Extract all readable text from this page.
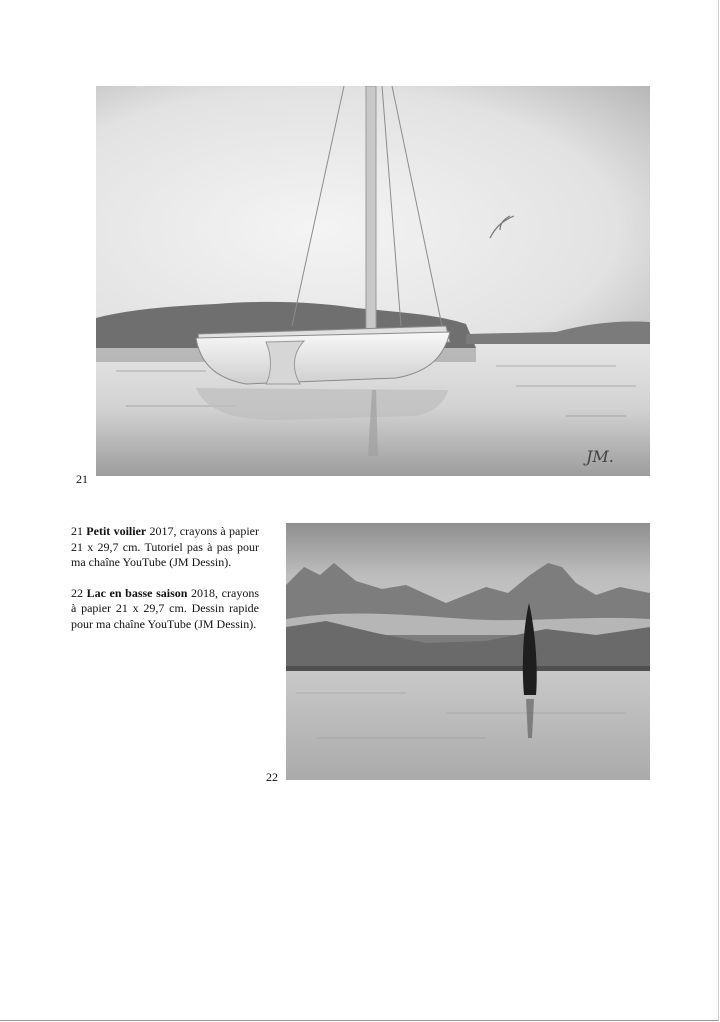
JM.
21

21 Petit voilier 2017, crayons à papier 21 x 29,7 cm. Tutoriel pas à pas pour ma chaîne YouTube (JM Dessin).

22 Lac en basse saison 2018, crayons à papier 21 x 29,7 cm. Dessin rapide pour ma chaîne YouTube (JM Dessin).

22
